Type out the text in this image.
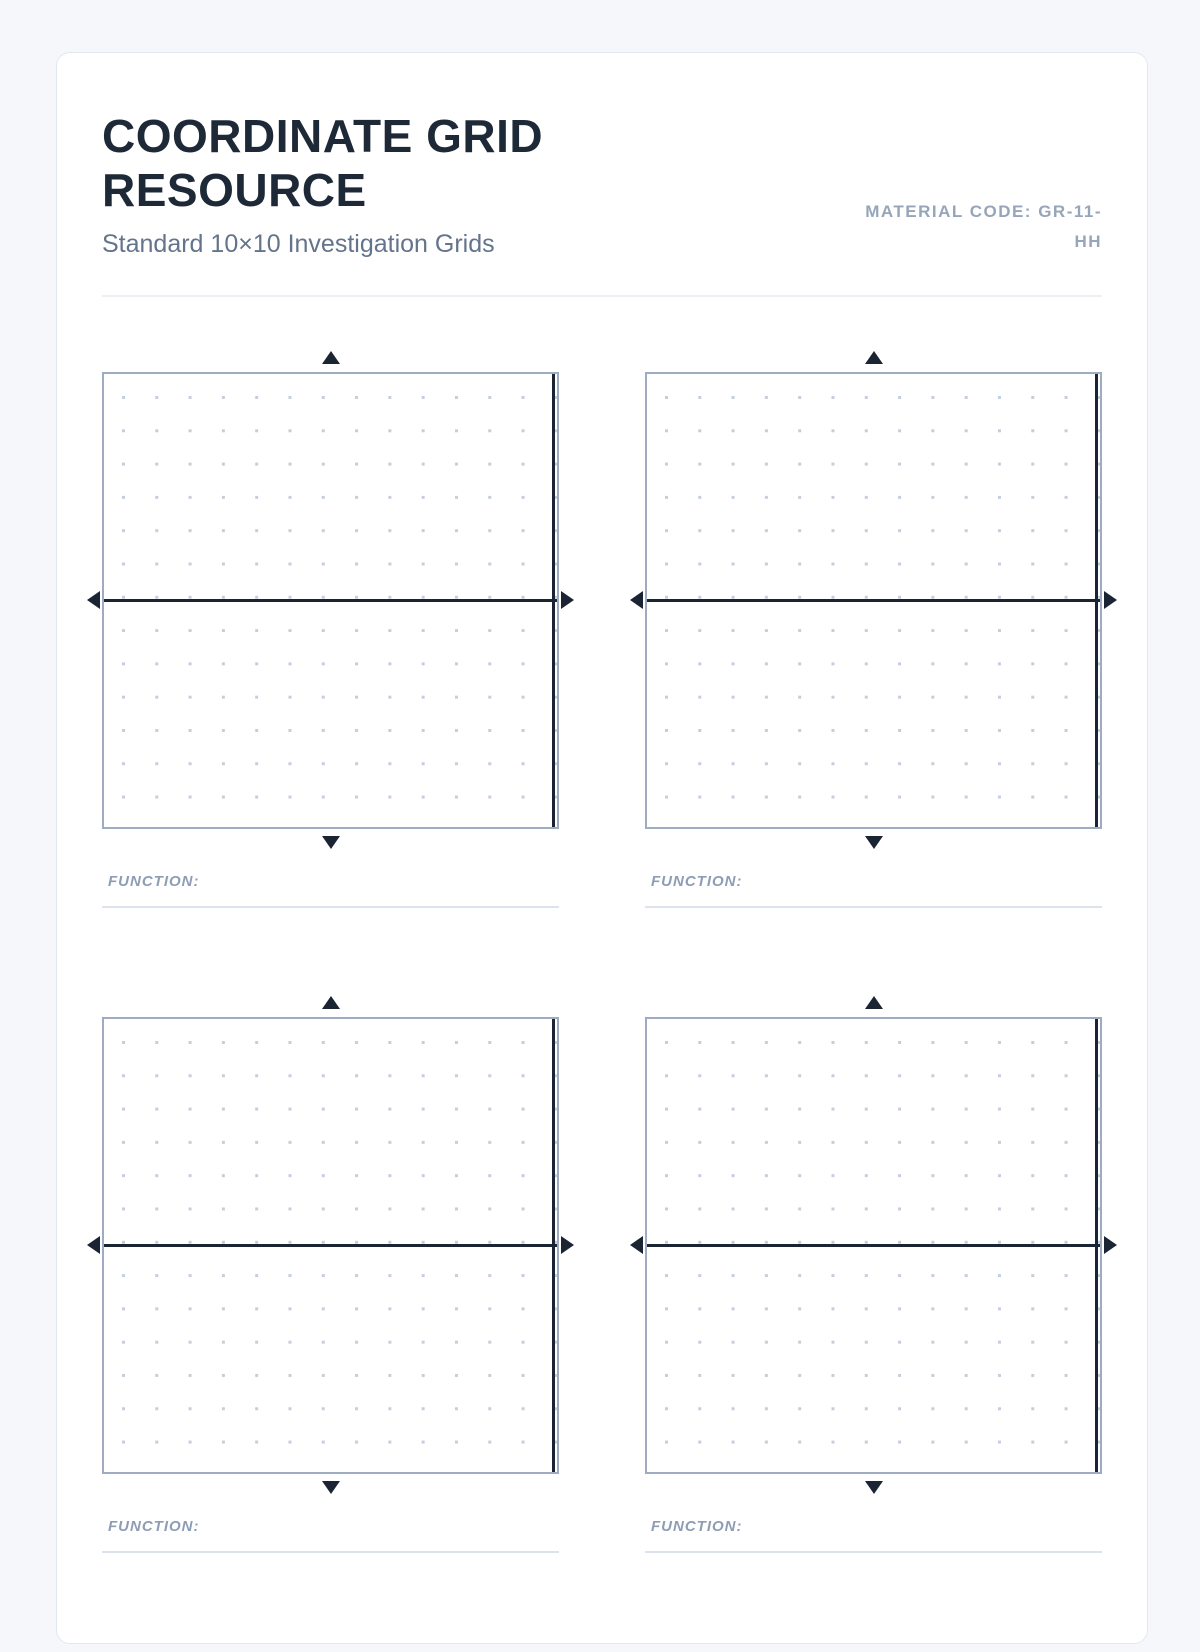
COORDINATE GRID RESOURCE
Standard 10×10 Investigation Grids
MATERIAL CODE: GR-11-HH
FUNCTION:	FUNCTION:
FUNCTION:	FUNCTION:
